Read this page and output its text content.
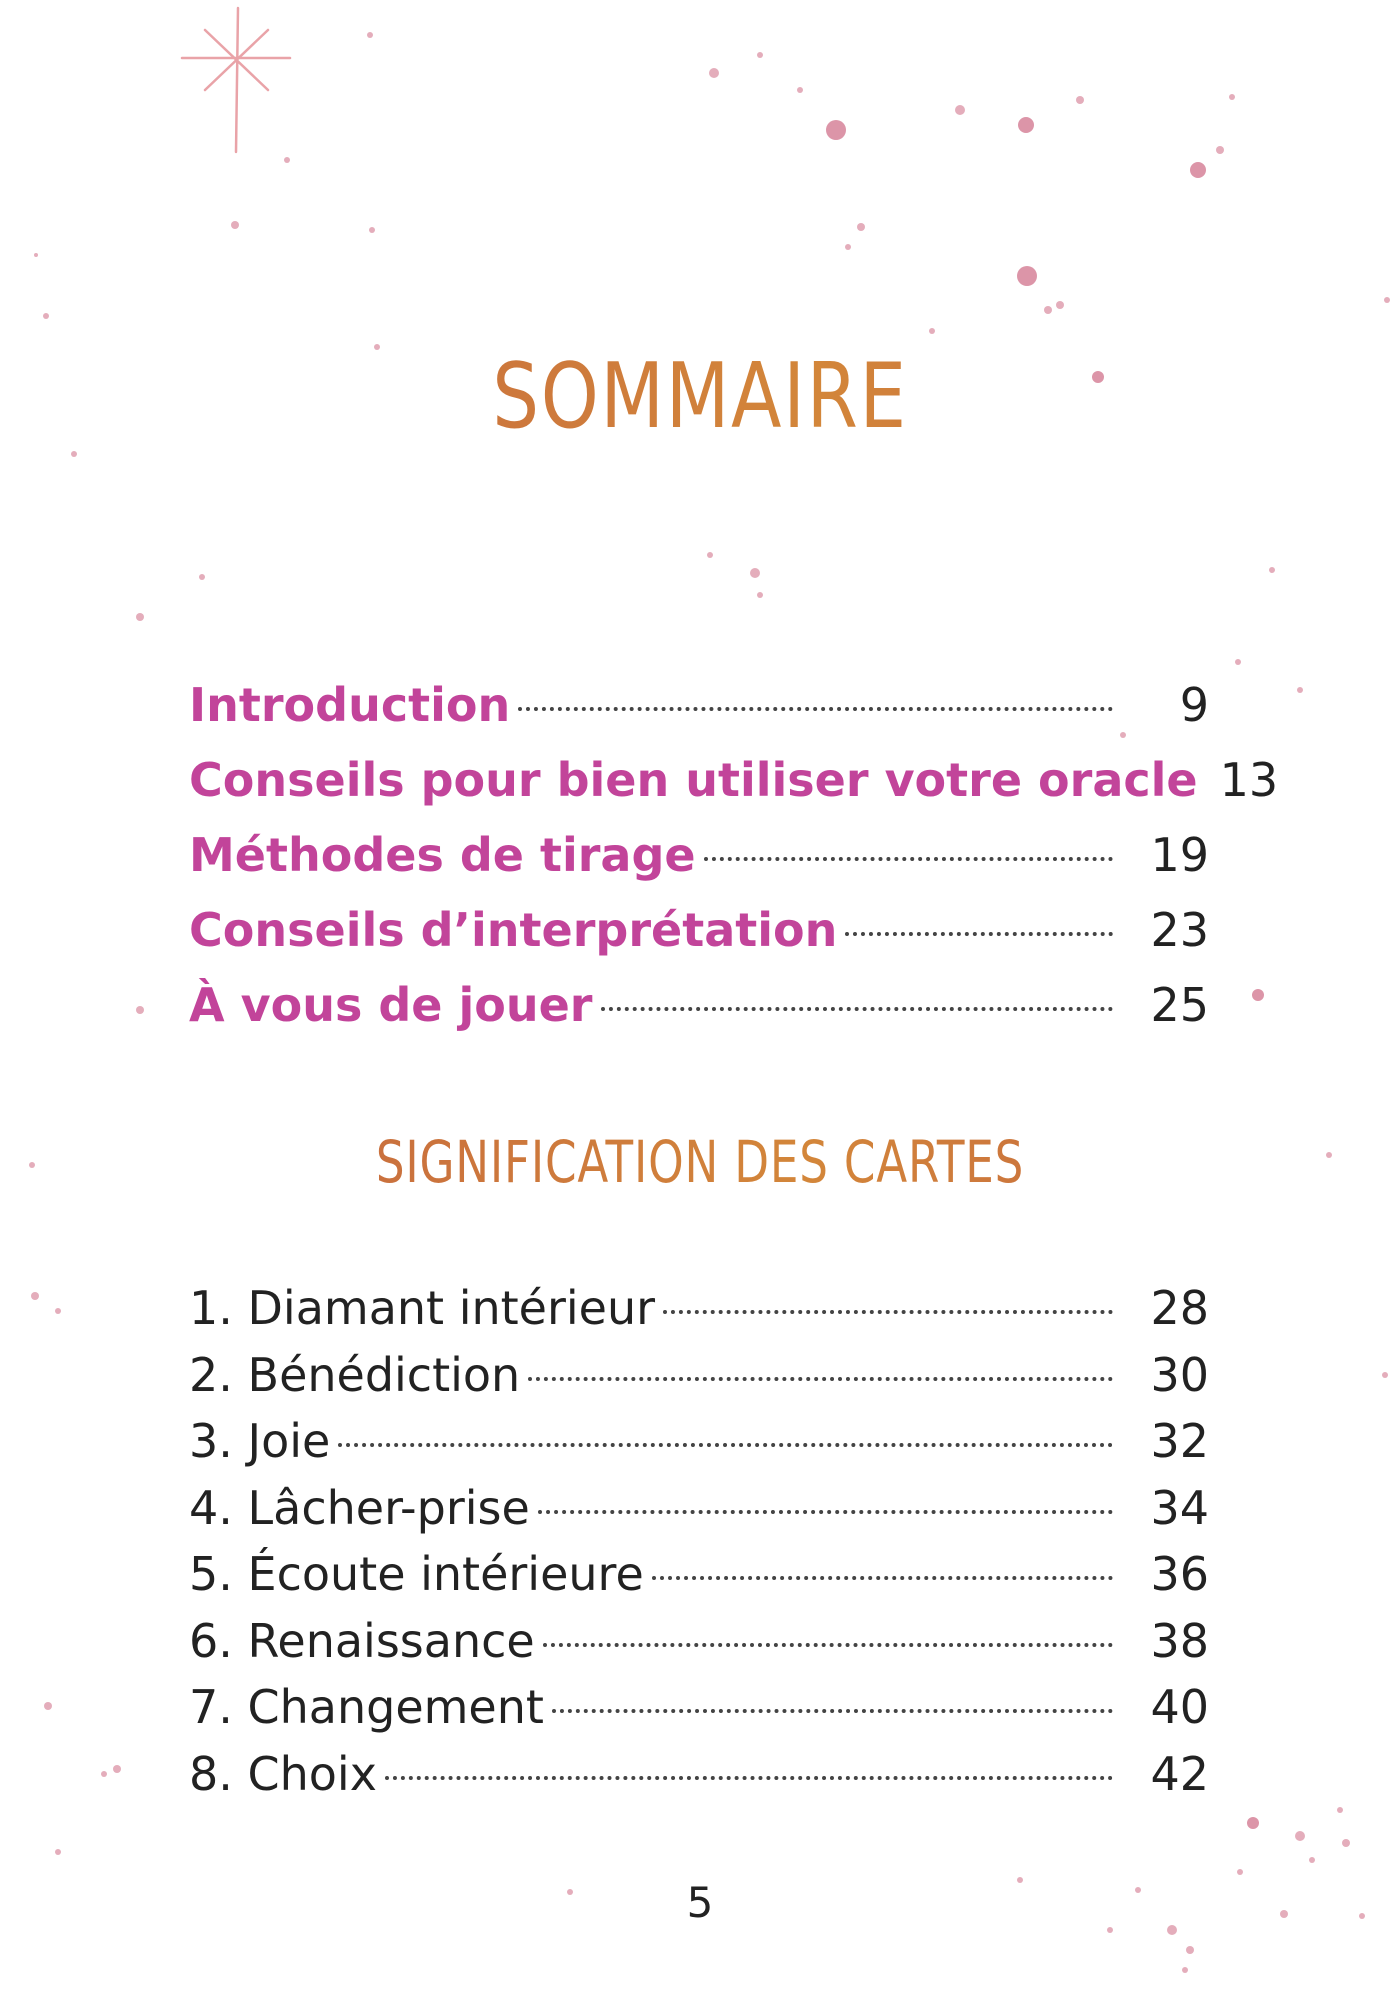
SOMMAIRE
Introduction	9
Conseils pour bien utiliser votre oracle 13
Méthodes de tirage	19
Conseils d’interprétation	23
À vous de jouer	25
SIGNIFICATION DES CARTES
1. Diamant intérieur	28
2. Bénédiction	30
3. Joie	32
4. Lâcher-prise	34
5. Écoute intérieure	36
6. Renaissance	38
7. Changement	40
8. Choix	42
5
